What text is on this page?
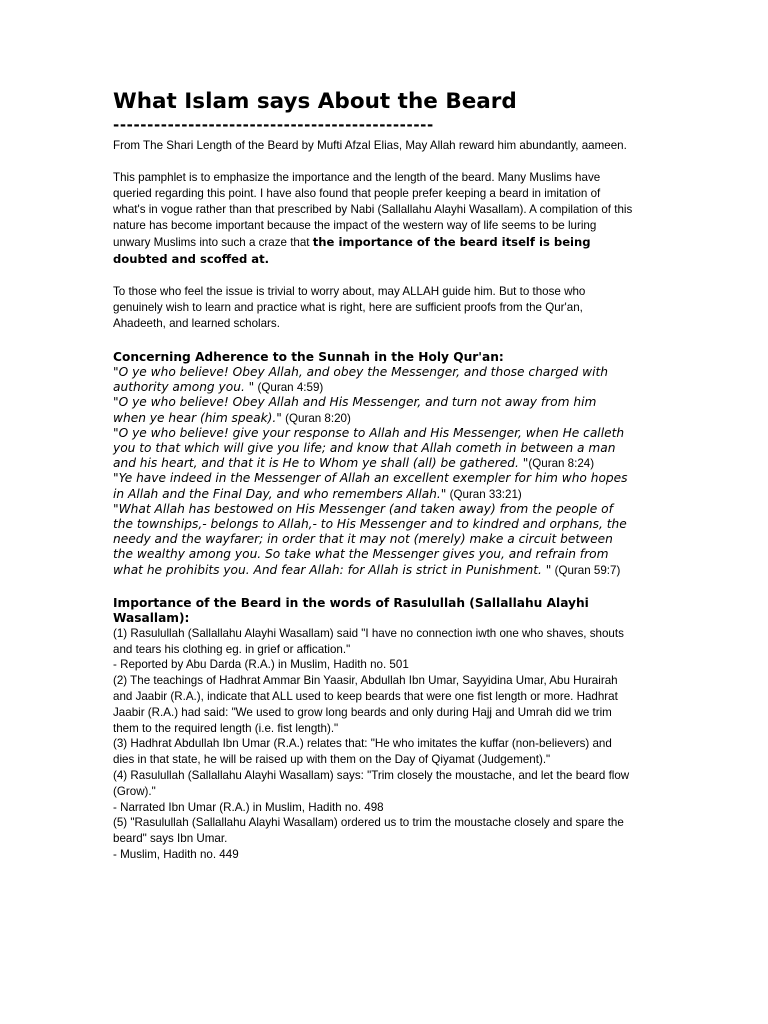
What Islam says About the Beard
-----------------------------------------------

From The Shari Length of the Beard by Mufti Afzal Elias, May Allah reward him abundantly, aameen.

This pamphlet is to emphasize the importance and the length of the beard. Many Muslims have queried regarding this point. I have also found that people prefer keeping a beard in imitation of what's in vogue rather than that prescribed by Nabi (Sallallahu Alayhi Wasallam). A compilation of this nature has become important because the impact of the western way of life seems to be luring unwary Muslims into such a craze that the importance of the beard itself is being doubted and scoffed at.

To those who feel the issue is trivial to worry about, may ALLAH guide him. But to those who genuinely wish to learn and practice what is right, here are sufficient proofs from the Qur'an, Ahadeeth, and learned scholars.

Concerning Adherence to the Sunnah in the Holy Qur'an:

"O ye who believe! Obey Allah, and obey the Messenger, and those charged with authority among you. " (Quran 4:59)

"O ye who believe! Obey Allah and His Messenger, and turn not away from him when ye hear (him speak)." (Quran 8:20)

"O ye who believe! give your response to Allah and His Messenger, when He calleth you to that which will give you life; and know that Allah cometh in between a man and his heart, and that it is He to Whom ye shall (all) be gathered. "(Quran 8:24)

"Ye have indeed in the Messenger of Allah an excellent exempler for him who hopes in Allah and the Final Day, and who remembers Allah." (Quran 33:21)

"What Allah has bestowed on His Messenger (and taken away) from the people of the townships,- belongs to Allah,- to His Messenger and to kindred and orphans, the needy and the wayfarer; in order that it may not (merely) make a circuit between the wealthy among you. So take what the Messenger gives you, and refrain from what he prohibits you. And fear Allah: for Allah is strict in Punishment. " (Quran 59:7)

Importance of the Beard in the words of Rasulullah (Sallallahu Alayhi Wasallam):

(1) Rasulullah (Sallallahu Alayhi Wasallam) said "I have no connection iwth one who shaves, shouts and tears his clothing eg. in grief or affication."

- Reported by Abu Darda (R.A.) in Muslim, Hadith no. 501

(2) The teachings of Hadhrat Ammar Bin Yaasir, Abdullah Ibn Umar, Sayyidina Umar, Abu Hurairah and Jaabir (R.A.), indicate that ALL used to keep beards that were one fist length or more. Hadhrat Jaabir (R.A.) had said: "We used to grow long beards and only during Hajj and Umrah did we trim them to the required length (i.e. fist length)."

(3) Hadhrat Abdullah Ibn Umar (R.A.) relates that: "He who imitates the kuffar (non-believers) and dies in that state, he will be raised up with them on the Day of Qiyamat (Judgement)."

(4) Rasulullah (Sallallahu Alayhi Wasallam) says: "Trim closely the moustache, and let the beard flow (Grow)."

- Narrated Ibn Umar (R.A.) in Muslim, Hadith no. 498

(5) "Rasulullah (Sallallahu Alayhi Wasallam) ordered us to trim the moustache closely and spare the beard" says Ibn Umar.

- Muslim, Hadith no. 449
